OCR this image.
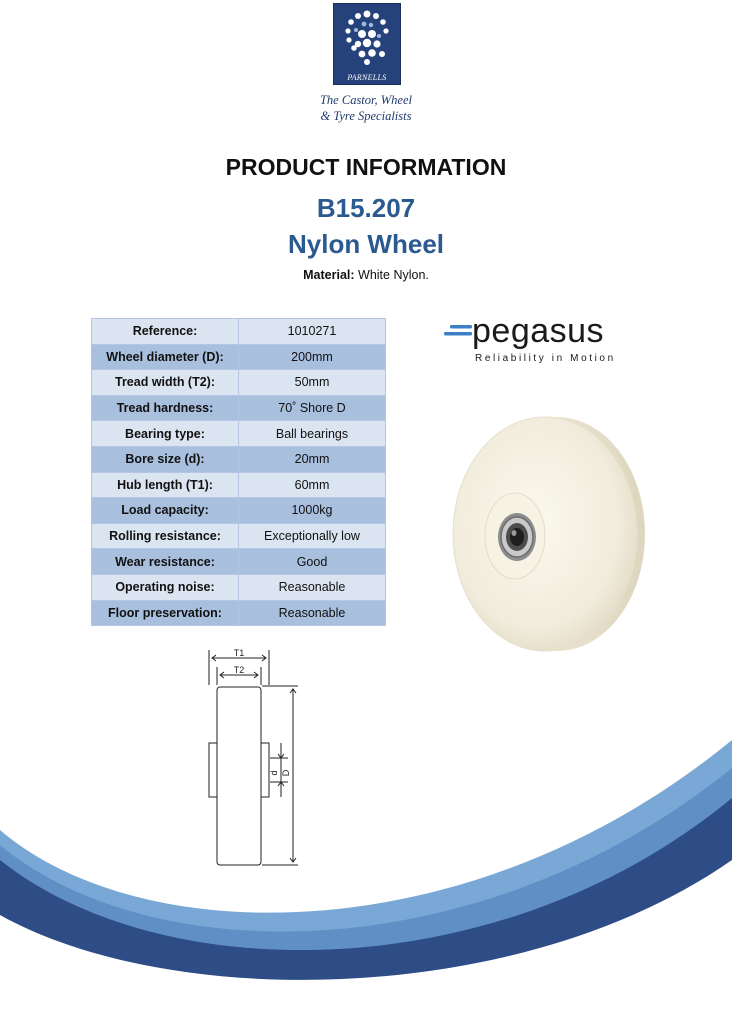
PARNELLS
The Castor, Wheel
& Tyre Specialists
PRODUCT INFORMATION
B15.207
Nylon Wheel
Material: White Nylon.
Reference:	1010271
Wheel diameter (D):	200mm
Tread width (T2):	50mm
Tread hardness:	70˚ Shore D
Bearing type:	Ball bearings
Bore size (d):	20mm
Hub length (T1):	60mm
Load capacity:	1000kg
Rolling resistance:	Exceptionally low
Wear resistance:	Good
Operating noise:	Reasonable
Floor preservation:	Reasonable
pegasus
Reliability in Motion
T1
T2
d D
